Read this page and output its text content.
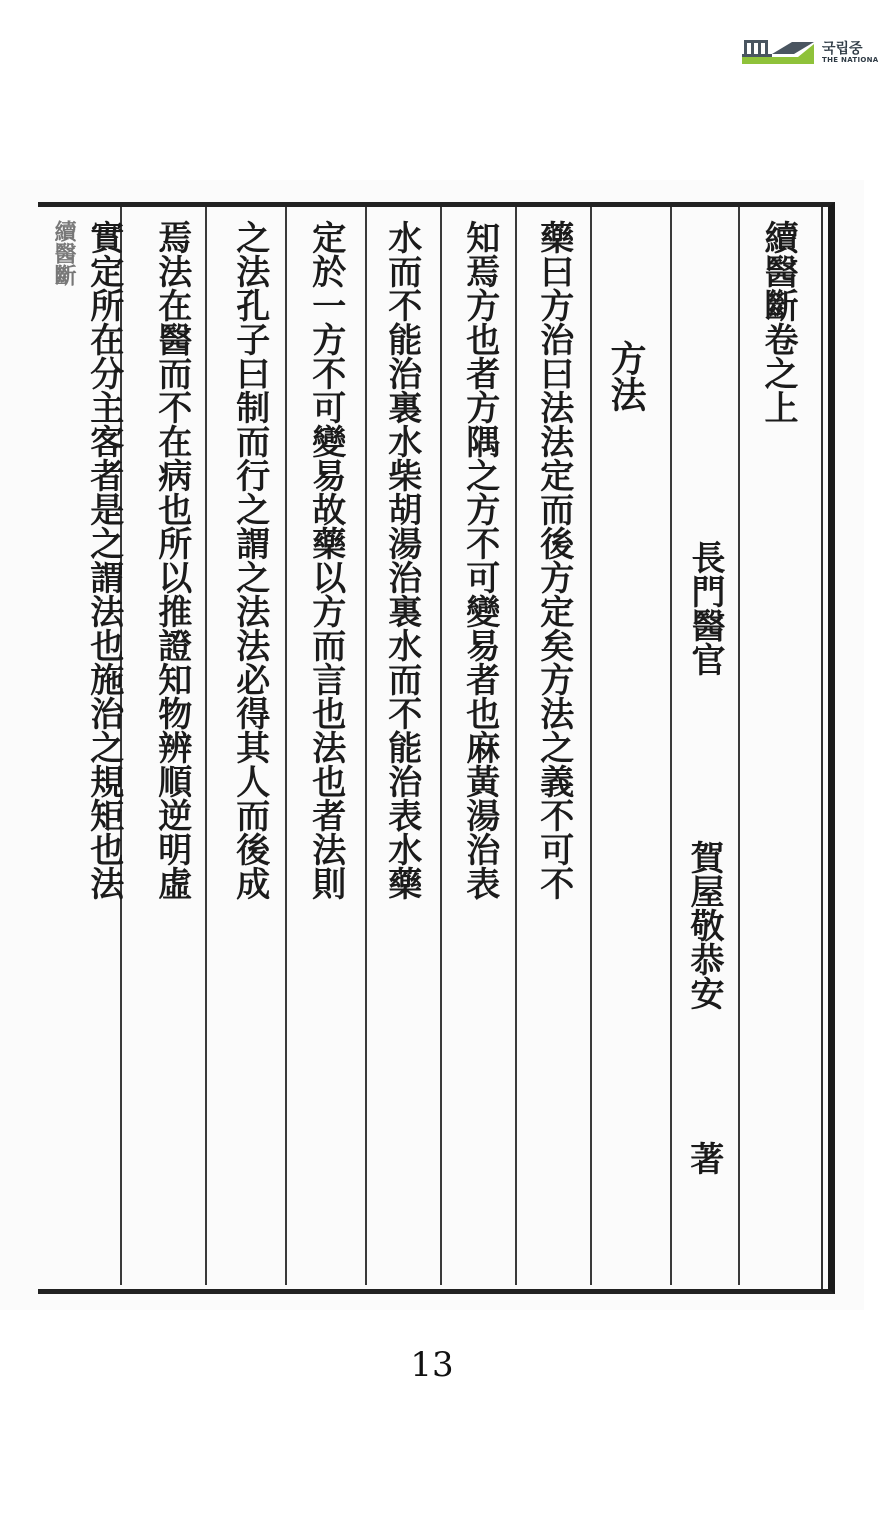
국립중
THE NATIONA
續醫斷 實定所在分主客者是之謂法也施治之規矩也法 焉法在醫而不在病也所以推證知物辨順逆明虛 之法孔子曰制而行之謂之法法必得其人而後成 定於一方不可變易故藥以方而言也法也者法則 水而不能治裏水柴胡湯治裏水而不能治表水藥 知焉方也者方隅之方不可變易者也麻黃湯治表 藥曰方治曰法法定而後方定矣方法之義不可不 方法
長門醫官
賀屋敬恭安
著
續醫斷卷之上
13
